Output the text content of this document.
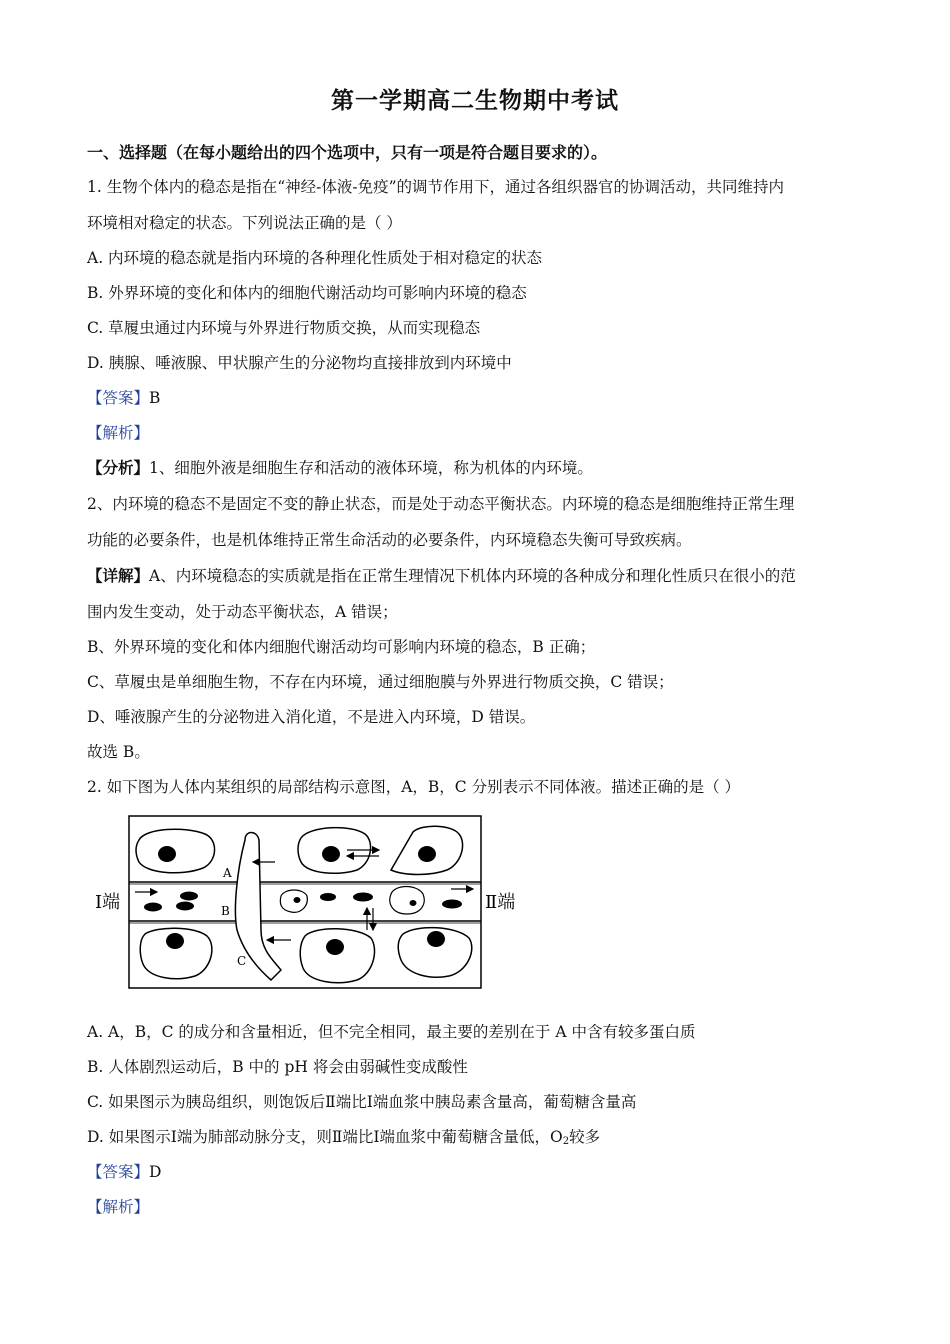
第一学期高二生物期中考试
一、选择题（在每小题给出的四个选项中，只有一项是符合题目要求的）。
1. 生物个体内的稳态是指在“神经-体液-免疫”的调节作用下，通过各组织器官的协调活动，共同维持内
环境相对稳定的状态。下列说法正确的是（ ）
A. 内环境的稳态就是指内环境的各种理化性质处于相对稳定的状态
B. 外界环境的变化和体内的细胞代谢活动均可影响内环境的稳态
C. 草履虫通过内环境与外界进行物质交换，从而实现稳态
D. 胰腺、唾液腺、甲状腺产生的分泌物均直接排放到内环境中
【答案】B
【解析】
【分析】1、细胞外液是细胞生存和活动的液体环境，称为机体的内环境。
2、内环境的稳态不是固定不变的静止状态，而是处于动态平衡状态。内环境的稳态是细胞维持正常生理
功能的必要条件，也是机体维持正常生命活动的必要条件，内环境稳态失衡可导致疾病。
【详解】A、内环境稳态的实质就是指在正常生理情况下机体内环境的各种成分和理化性质只在很小的范
围内发生变动，处于动态平衡状态，A 错误；
B、外界环境的变化和体内细胞代谢活动均可影响内环境的稳态，B 正确；
C、草履虫是单细胞生物，不存在内环境，通过细胞膜与外界进行物质交换，C 错误；
D、唾液腺产生的分泌物进入消化道，不是进入内环境，D 错误。
故选 B。
2. 如下图为人体内某组织的局部结构示意图，A，B，C 分别表示不同体液。描述正确的是（ ）
Ⅰ端	Ⅱ端
A
B
C
A. A，B，C 的成分和含量相近，但不完全相同，最主要的差别在于 A 中含有较多蛋白质
B. 人体剧烈运动后，B 中的 pH 将会由弱碱性变成酸性
C. 如果图示为胰岛组织，则饱饭后Ⅱ端比Ⅰ端血浆中胰岛素含量高，葡萄糖含量高
D. 如果图示Ⅰ端为肺部动脉分支，则Ⅱ端比Ⅰ端血浆中葡萄糖含量低，$O_2$较多
【答案】D
【解析】
